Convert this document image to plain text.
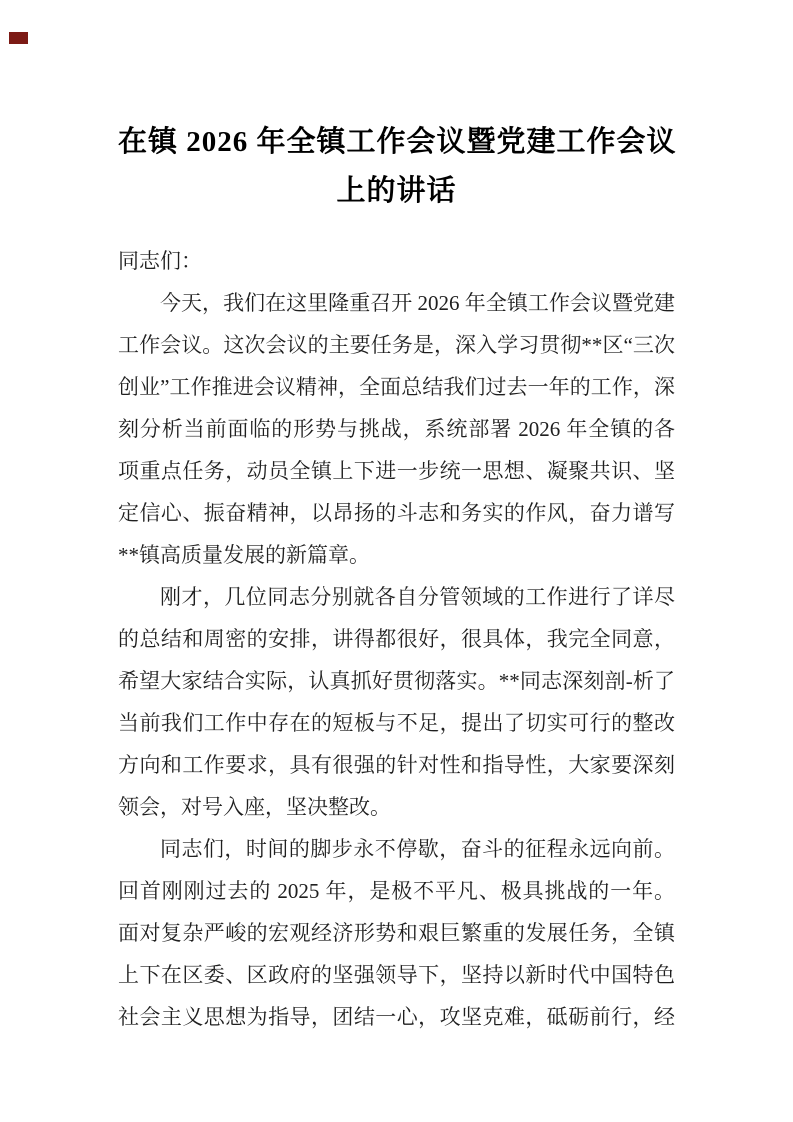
在镇 2026 年全镇工作会议暨党建工作会议
上的讲话
同志们：
今天，我们在这里隆重召开 2026 年全镇工作会议暨党建
工作会议。这次会议的主要任务是，深入学习贯彻**区“三次
创业”工作推进会议精神，全面总结我们过去一年的工作，深
刻分析当前面临的形势与挑战，系统部署 2026 年全镇的各
项重点任务，动员全镇上下进一步统一思想、凝聚共识、坚
定信心、振奋精神，以昂扬的斗志和务实的作风，奋力谱写
**镇高质量发展的新篇章。
刚才，几位同志分别就各自分管领域的工作进行了详尽
的总结和周密的安排，讲得都很好，很具体，我完全同意，
希望大家结合实际，认真抓好贯彻落实。**同志深刻剖-析了
当前我们工作中存在的短板与不足，提出了切实可行的整改
方向和工作要求，具有很强的针对性和指导性，大家要深刻
领会，对号入座，坚决整改。
同志们，时间的脚步永不停歇，奋斗的征程永远向前。
回首刚刚过去的 2025 年，是极不平凡、极具挑战的一年。
面对复杂严峻的宏观经济形势和艰巨繁重的发展任务，全镇
上下在区委、区政府的坚强领导下，坚持以新时代中国特色
社会主义思想为指导，团结一心，攻坚克难，砥砺前行，经
